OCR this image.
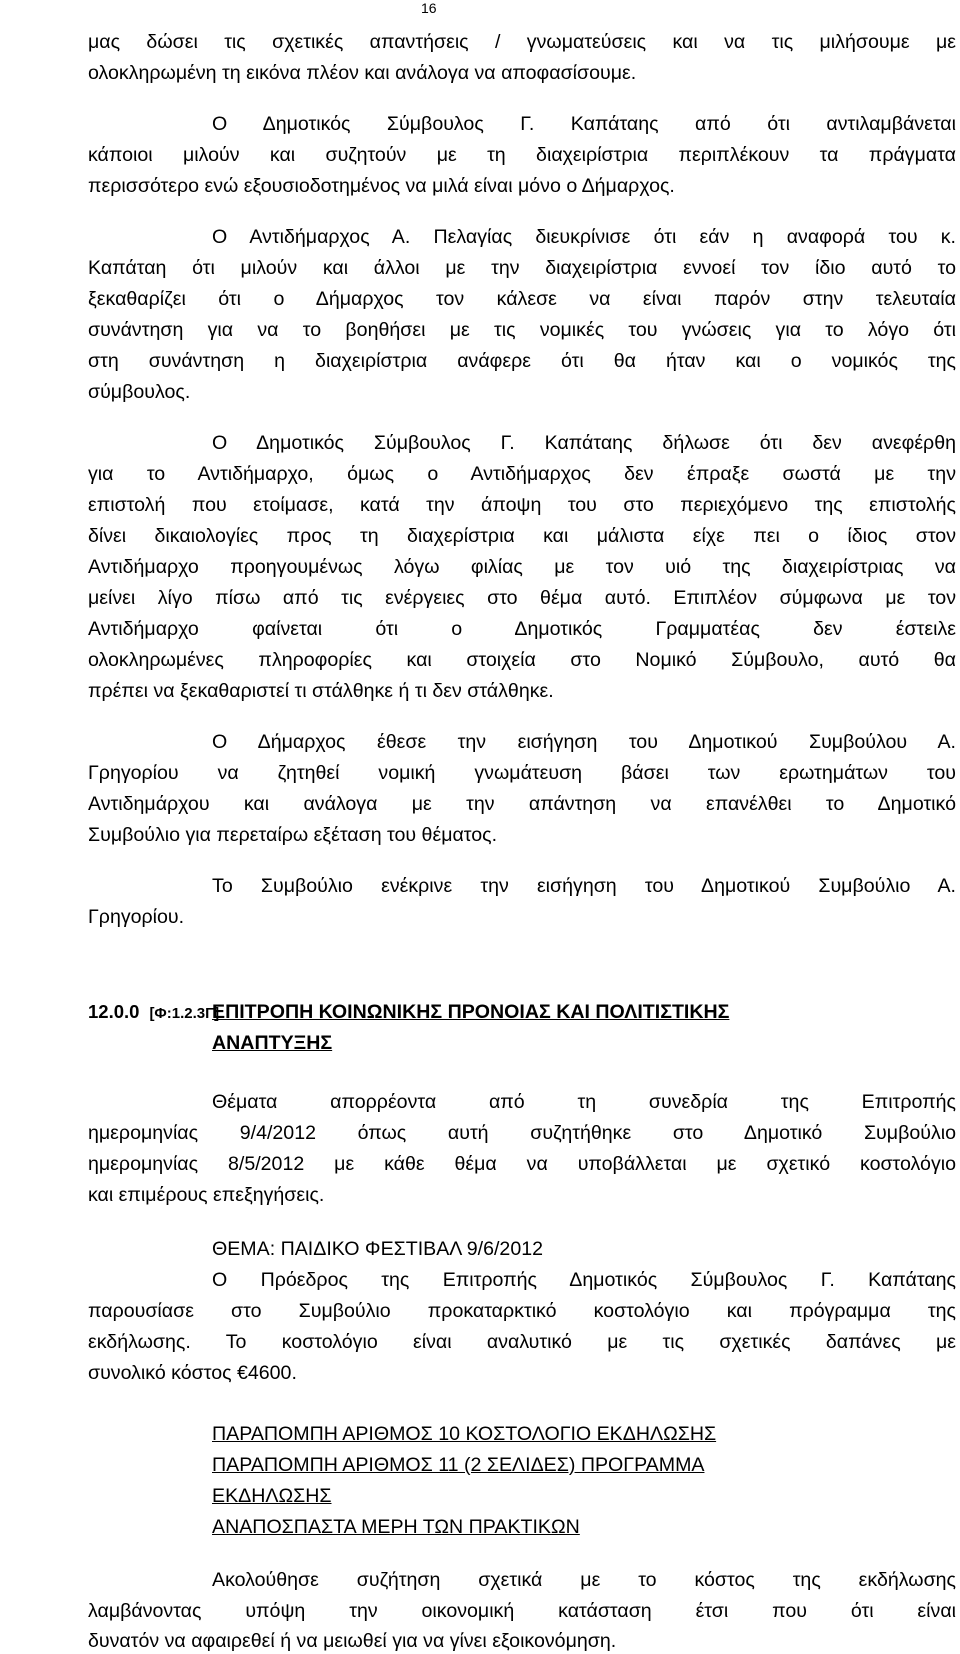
16
μας δώσει τις σχετικές απαντήσεις / γνωματεύσεις και να τις μιλήσουμε με
ολοκληρωμένη τη εικόνα πλέον και ανάλογα να αποφασίσουμε.
Ο Δημοτικός Σύμβουλος Γ. Καπάταης από ότι αντιλαμβάνεται
κάποιοι μιλούν και συζητούν με τη διαχειρίστρια περιπλέκουν τα πράγματα
περισσότερο ενώ εξουσιοδοτημένος να μιλά είναι μόνο ο Δήμαρχος.
Ο Αντιδήμαρχος Α. Πελαγίας διευκρίνισε ότι εάν η αναφορά του κ.
Καπάταη ότι μιλούν και άλλοι με την διαχειρίστρια εννοεί τον ίδιο αυτό το
ξεκαθαρίζει ότι ο Δήμαρχος τον κάλεσε να είναι παρόν στην τελευταία
συνάντηση για να το βοηθήσει με τις νομικές του γνώσεις για το λόγο ότι
στη συνάντηση η διαχειρίστρια ανάφερε ότι θα ήταν και ο νομικός της
σύμβουλος.
Ο Δημοτικός Σύμβουλος Γ. Καπάταης δήλωσε ότι δεν ανεφέρθη
για το Αντιδήμαρχο, όμως ο Αντιδήμαρχος δεν έπραξε σωστά με την
επιστολή που ετοίμασε, κατά την άποψη του στο περιεχόμενο της επιστολής
δίνει δικαιολογίες προς τη διαχερίστρια και μάλιστα είχε πει ο ίδιος στον
Αντιδήμαρχο προηγουμένως λόγω φιλίας με τον υιό της διαχειρίστριας να
μείνει λίγο πίσω από τις ενέργειες στο θέμα αυτό. Επιπλέον σύμφωνα με τον
Αντιδήμαρχο φαίνεται ότι ο Δημοτικός Γραμματέας δεν έστειλε
ολοκληρωμένες πληροφορίες και στοιχεία στο Νομικό Σύμβουλο, αυτό θα
πρέπει να ξεκαθαριστεί τι στάλθηκε ή τι δεν στάλθηκε.
Ο Δήμαρχος έθεσε την εισήγηση του Δημοτικού Συμβούλου Α.
Γρηγορίου να ζητηθεί νομική γνωμάτευση βάσει των ερωτημάτων του
Αντιδημάρχου και ανάλογα με την απάντηση να επανέλθει το Δημοτικό
Συμβούλιο για περεταίρω εξέταση του θέματος.
Το Συμβούλιο ενέκρινε την εισήγηση του Δημοτικού Συμβούλιο Α.
Γρηγορίου.
12.0.0 [Φ:1.2.3Γ]
ΕΠΙΤΡΟΠΗ ΚΟΙΝΩΝΙΚΗΣ ΠΡΟΝΟΙΑΣ ΚΑΙ ΠΟΛΙΤΙΣΤΙΚΗΣ
ΑΝΑΠΤΥΞΗΣ
Θέματα απορρέοντα από τη συνεδρία της Επιτροπής
ημερομηνίας 9/4/2012 όπως αυτή συζητήθηκε στο Δημοτικό Συμβούλιο
ημερομηνίας 8/5/2012 με κάθε θέμα να υποβάλλεται με σχετικό κοστολόγιο
και επιμέρους επεξηγήσεις.
ΘΕΜΑ: ΠΑΙΔΙΚΟ ΦΕΣΤΙΒΑΛ 9/6/2012
Ο Πρόεδρος της Επιτροπής Δημοτικός Σύμβουλος Γ. Καπάταης
παρουσίασε στο Συμβούλιο προκαταρκτικό κοστολόγιο και πρόγραμμα της
εκδήλωσης. Το κοστολόγιο είναι αναλυτικό με τις σχετικές δαπάνες με
συνολικό κόστος €4600.
ΠΑΡΑΠΟΜΠΗ ΑΡΙΘΜΟΣ 10 ΚΟΣΤΟΛΟΓΙΟ ΕΚΔΗΛΩΣΗΣ
ΠΑΡΑΠΟΜΠΗ ΑΡΙΘΜΟΣ 11 (2 ΣΕΛΙΔΕΣ) ΠΡΟΓΡΑΜΜΑ
ΕΚΔΗΛΩΣΗΣ
ΑΝΑΠΟΣΠΑΣΤΑ ΜΕΡΗ ΤΩΝ ΠΡΑΚΤΙΚΩΝ
Ακολούθησε συζήτηση σχετικά με το κόστος της εκδήλωσης
λαμβάνοντας υπόψη την οικονομική κατάσταση έτσι που ότι είναι
δυνατόν να αφαιρεθεί ή να μειωθεί για να γίνει εξοικονόμηση.
